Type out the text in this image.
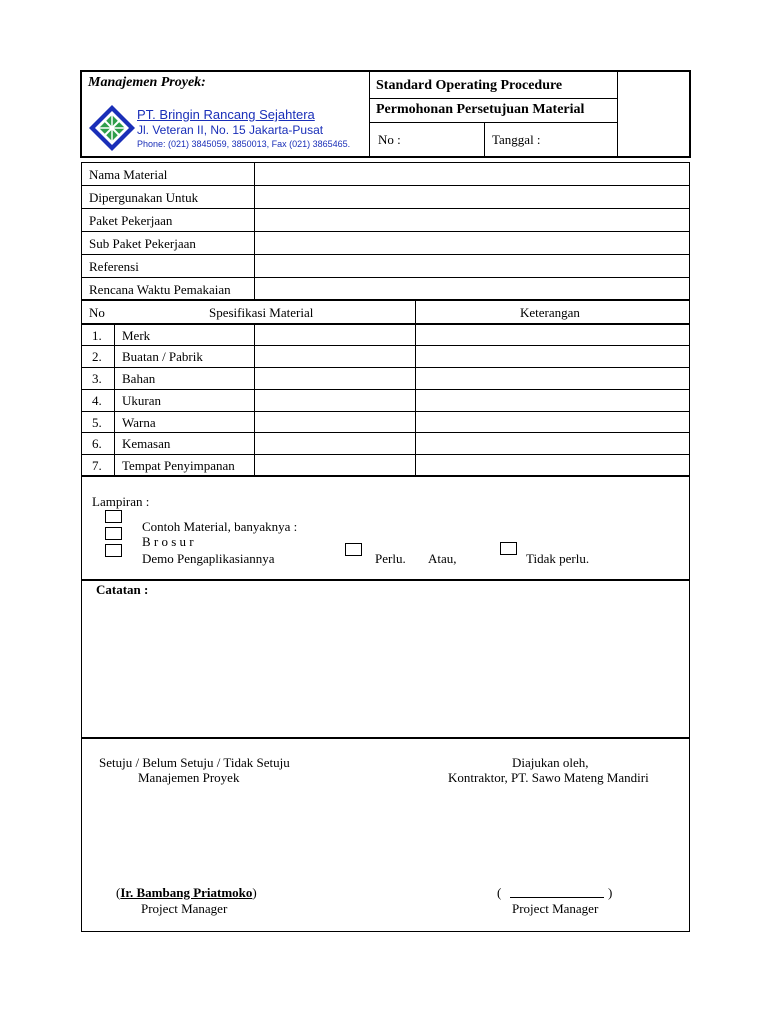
Manajemen Proyek:
PT. Bringin Rancang Sejahtera
Jl. Veteran II, No. 15 Jakarta-Pusat
Phone: (021) 3845059, 3850013, Fax (021) 3865465.
Standard Operating Procedure
Permohonan Persetujuan Material
No :	Tanggal :
Nama Material
Dipergunakan Untuk
Paket Pekerjaan
Sub Paket Pekerjaan
Referensi
Rencana Waktu Pemakaian
No	Spesifikasi Material	Keterangan
1. Merk
2. Buatan / Pabrik
3. Bahan
4. Ukuran
5. Warna
6. Kemasan
7. Tempat Penyimpanan
Lampiran :
Contoh Material, banyaknya :
B r o s u r
Demo Pengaplikasiannya	Perlu. Atau,	Tidak perlu.
Catatan :
Setuju / Belum Setuju / Tidak Setuju
Manajemen Proyek
Diajukan oleh,
Kontraktor, PT. Sawo Mateng Mandiri
(Ir. Bambang Priatmoko)
Project Manager
(	)
Project Manager
